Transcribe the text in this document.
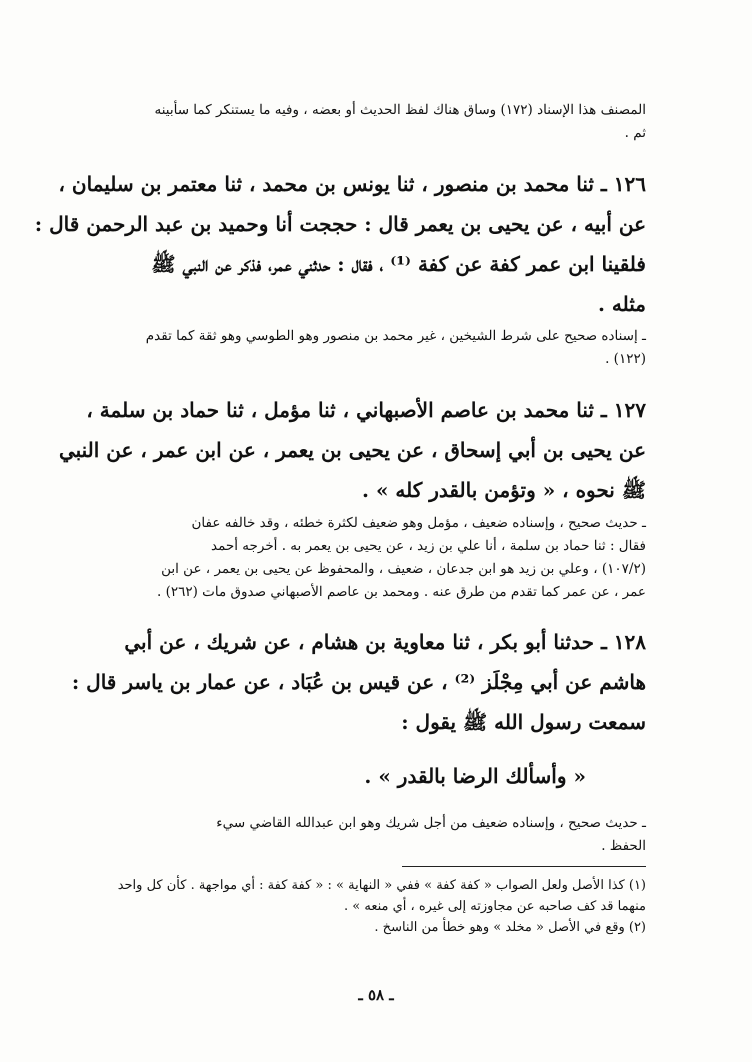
المصنف هذا الإسناد (١٧٢) وساق هناك لفظ الحديث أو بعضه ، وفيه ما يستنكر كما سأبينه
ثم .
١٢٦ ـ ثنا محمد بن منصور ، ثنا يونس بن محمد ، ثنا معتمر بن سليمان ،
عن أبيه ، عن يحيى بن يعمر قال : حججت أنا وحميد بن عبد الرحمن قال :
فلقينا ابن عمر كفة عن كفة ⁽¹⁾ ، فقال : حدثني عمر، فذكر عن النبي ﷺ
مثله .
ـ إسناده صحيح على شرط الشيخين ، غير محمد بن منصور وهو الطوسي وهو ثقة كما تقدم
(١٢٢) .
١٢٧ ـ ثنا محمد بن عاصم الأصبهاني ، ثنا مؤمل ، ثنا حماد بن سلمة ،
عن يحيى بن أبي إسحاق ، عن يحيى بن يعمر ، عن ابن عمر ، عن النبي
ﷺ نحوه ، « وتؤمن بالقدر كله » .
ـ حديث صحيح ، وإسناده ضعيف ، مؤمل وهو ضعيف لكثرة خطئه ، وقد خالفه عفان
فقال : ثنا حماد بن سلمة ، أنا علي بن زيد ، عن يحيى بن يعمر به . أخرجه أحمد
(١٠٧/٢) ، وعلي بن زيد هو ابن جدعان ، ضعيف ، والمحفوظ عن يحيى بن يعمر ، عن ابن
عمر ، عن عمر كما تقدم من طرق عنه . ومحمد بن عاصم الأصبهاني صدوق مات (٢٦٢) .
١٢٨ ـ حدثنا أبو بكر ، ثنا معاوية بن هشام ، عن شريك ، عن أبي
هاشم عن أبي مِجْلَز ⁽²⁾ ، عن قيس بن عُبَاد ، عن عمار بن ياسر قال :
سمعت رسول الله ﷺ يقول :
« وأسألك الرضا بالقدر » .
ـ حديث صحيح ، وإسناده ضعيف من أجل شريك وهو ابن عبدالله القاضي سيء
الحفظ .
(١) كذا الأصل ولعل الصواب « كفة كفة » ففي « النهاية » : « كفة كفة : أي مواجهة . كأن كل واحد
منهما قد كف صاحبه عن مجاوزته إلى غيره ، أي منعه » .
(٢) وقع في الأصل « مخلد » وهو خطأ من الناسخ .
ـ ٥٨ ـ
